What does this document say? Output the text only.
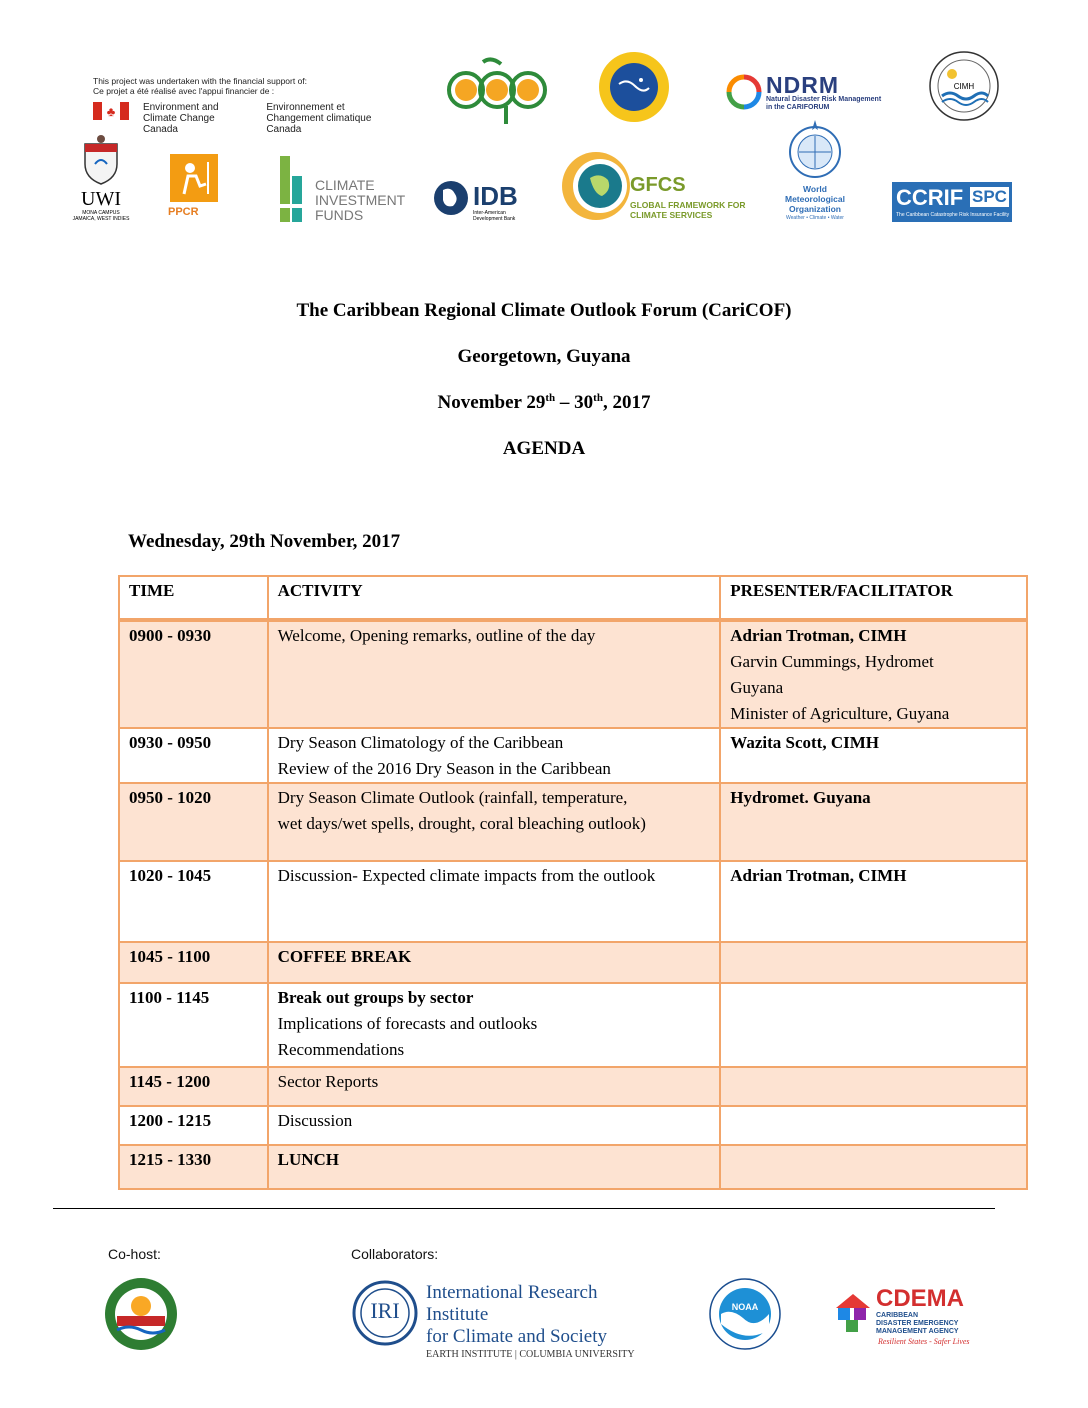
This project was undertaken with the financial support of:
Ce projet a été réalisé avec l'appui financier de :
♣	Environment and
Climate Change Canada
Environnement et
Changement climatique Canada
NDRM
Natural Disaster Risk Management
in the CARIFORUM
CIMH
UWI
MONA CAMPUS
JAMAICA, WEST INDIES
PPCR
CLIMATE
INVESTMENT
FUNDS
IDB
Inter-American
Development Bank
GFCS
GLOBAL FRAMEWORK FOR
CLIMATE SERVICES
World
Meteorological
Organization
Weather • Climate • Water
CCRIF SPC
The Caribbean Catastrophe Risk Insurance Facility
The Caribbean Regional Climate Outlook Forum (CariCOF)
Georgetown, Guyana
November 29th – 30th, 2017
AGENDA
Wednesday, 29th November, 2017
TIME	ACTIVITY	PRESENTER/FACILITATOR
0900 - 0930	Welcome, Opening remarks, outline of the day	Adrian Trotman, CIMH
Garvin Cummings, Hydromet
Guyana
Minister of Agriculture, Guyana

0930 - 0950	Dry Season Climatology of the Caribbean
Review of the 2016 Dry Season in the Caribbean	Wazita Scott, CIMH

0950 - 1020	Dry Season Climate Outlook (rainfall, temperature,
wet days/wet spells, drought, coral bleaching outlook)	Hydromet. Guyana

1020 - 1045	Discussion- Expected climate impacts from the outlook	Adrian Trotman, CIMH

1045 - 1100	COFFEE BREAK	
1100 - 1145	Break out groups by sector
Implications of forecasts and outlooks
Recommendations	

1145 - 1200	Sector Reports	
1200 - 1215	Discussion	
1215 - 1330	LUNCH	
Co-host:	Collaborators:
IRI
International Research Institute
for Climate and Society
EARTH INSTITUTE | COLUMBIA UNIVERSITY
NOAA	CDEMA
CARIBBEAN
DISASTER EMERGENCY
MANAGEMENT AGENCY
Resilient States - Safer Lives
